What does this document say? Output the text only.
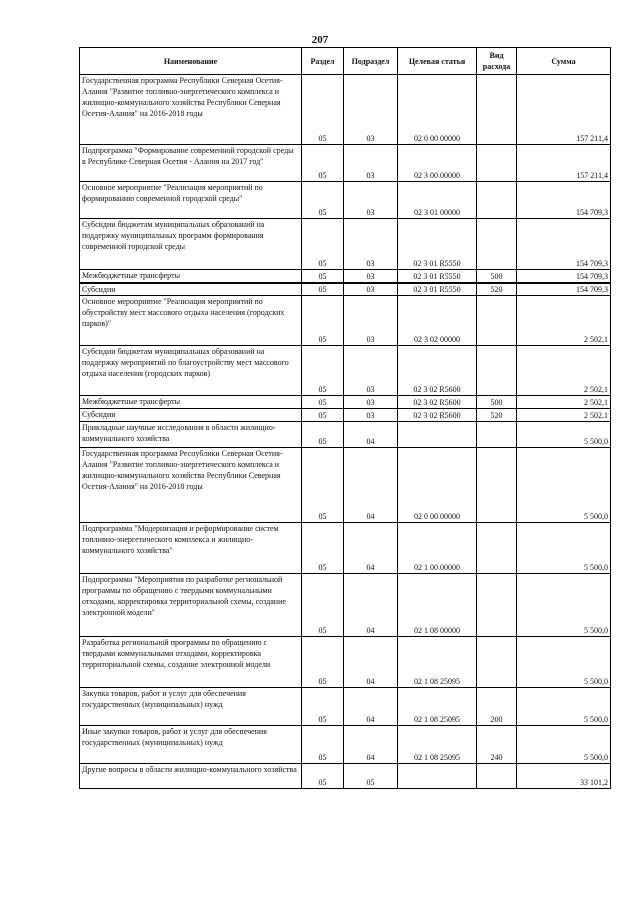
207
Наименование	Раздел	Подраздел	Целевая статья	Вид расхода	Сумма
Государственная программа Республики Северная Осетия-Алания "Развитие топливно-энергетического комплекса и жилищно-коммунального хозяйства Республики Северная Осетия-Алания" на 2016-2018 годы	05	03	02 0 00 00000		157 211,4
Подпрограмма "Формирование современной городской среды в Республике Северная Осетия - Алания на 2017 год"	05	03	02 3 00 00000		157 211,4
Основное мероприятие "Реализация мероприятий по формированию современной городской среды"	05	03	02 3 01 00000		154 709,3
Субсидии бюджетам муниципальных образований на поддержку муниципальных программ формирования современной городской среды	05	03	02 3 01 R5550		154 709,3
Межбюджетные трансферты	05	03	02 3 01 R5550	500	154 709,3
Субсидии	05	03	02 3 01 R5550	520	154 709,3
Основное мероприятие "Реализация мероприятий по обустройству мест массового отдыха населения (городских парков)"	05	03	02 3 02 00000		2 502,1
Субсидии бюджетам муниципальных образований на поддержку мероприятий по благоустройству мест массового отдыха населения (городских парков)	05	03	02 3 02 R5600		2 502,1
Межбюджетные трансферты	05	03	02 3 02 R5600	500	2 502,1
Субсидии	05	03	02 3 02 R5600	520	2 502,1
Прикладные научные исследования в области жилищно-коммунального хозяйства	05	04			5 500,0
Государственная программа Республики Северная Осетия-Алания "Развитие топливно-энергетического комплекса и жилищно-коммунального хозяйства Республики Северная Осетия-Алания" на 2016-2018 годы	05	04	02 0 00 00000		5 500,0
Подпрограмма "Модернизация и реформирование систем топливно-энергетического комплекса и жилищно-коммунального хозяйства"	05	04	02 1 00 00000		5 500,0
Подпрограмма "Мероприятия по разработке региональной программы по обращению с твердыми коммунальными отходами, корректировка территориальной схемы, создание электронной модели"	05	04	02 1 08 00000		5 500,0
Разработка региональной программы по обращению с твердыми коммунальными отходами, корректировка территориальной схемы, создание электронной модели	05	04	02 1 08 25095		5 500,0
Закупка товаров, работ и услуг для обеспечения государственных (муниципальных) нужд	05	04	02 1 08 25095	200	5 500,0
Иные закупки товаров, работ и услуг для обеспечения государственных (муниципальных) нужд	05	04	02 1 08 25095	240	5 500,0
Другие вопросы в области жилищно-коммунального хозяйства	05	05			33 101,2
